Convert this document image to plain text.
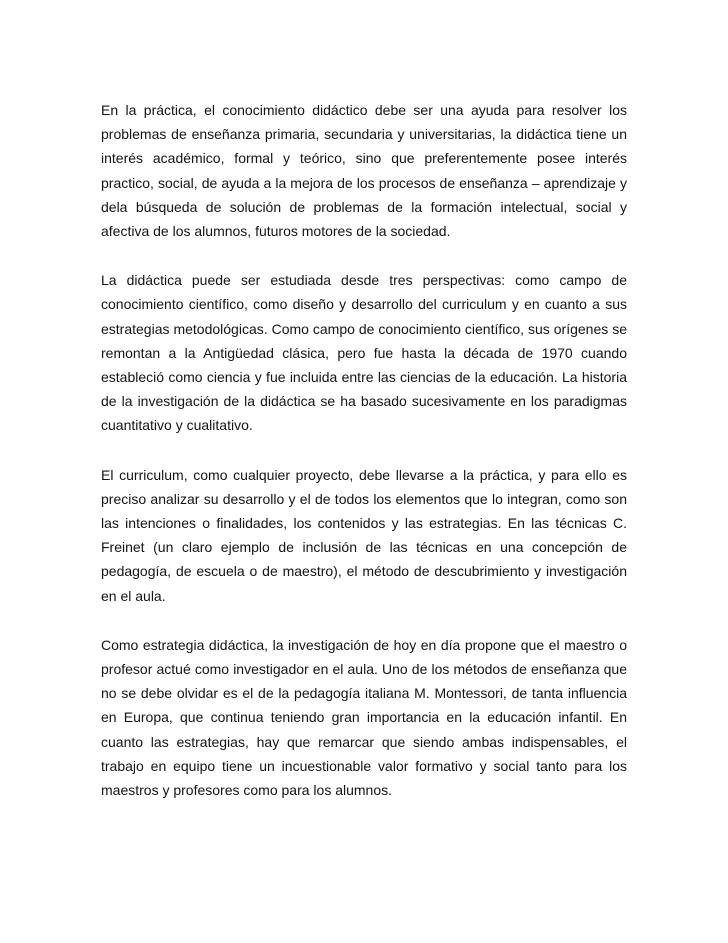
En la práctica, el conocimiento didáctico debe ser una ayuda para resolver los problemas de enseñanza primaria, secundaria y universitarias, la didáctica tiene un interés académico, formal y teórico, sino que preferentemente posee interés practico, social, de ayuda a la mejora de los procesos de enseñanza – aprendizaje y dela búsqueda de solución de problemas de la formación intelectual, social y afectiva de los alumnos, futuros motores de la sociedad.

La didáctica puede ser estudiada desde tres perspectivas: como campo de conocimiento científico, como diseño y desarrollo del curriculum y en cuanto a sus estrategias metodológicas. Como campo de conocimiento científico, sus orígenes se remontan a la Antigüedad clásica, pero fue hasta la década de 1970 cuando estableció como ciencia y fue incluida entre las ciencias de la educación. La historia de la investigación de la didáctica se ha basado sucesivamente en los paradigmas cuantitativo y cualitativo.

El curriculum, como cualquier proyecto, debe llevarse a la práctica, y para ello es preciso analizar su desarrollo y el de todos los elementos que lo integran, como son las intenciones o finalidades, los contenidos y las estrategias. En las técnicas C. Freinet (un claro ejemplo de inclusión de las técnicas en una concepción de pedagogía, de escuela o de maestro), el método de descubrimiento y investigación en el aula.

Como estrategia didáctica, la investigación de hoy en día propone que el maestro o profesor actué como investigador en el aula. Uno de los métodos de enseñanza que no se debe olvidar es el de la pedagogía italiana M. Montessori, de tanta influencia en Europa, que continua teniendo gran importancia en la educación infantil. En cuanto las estrategias, hay que remarcar que siendo ambas indispensables, el trabajo en equipo tiene un incuestionable valor formativo y social tanto para los maestros y profesores como para los alumnos.
